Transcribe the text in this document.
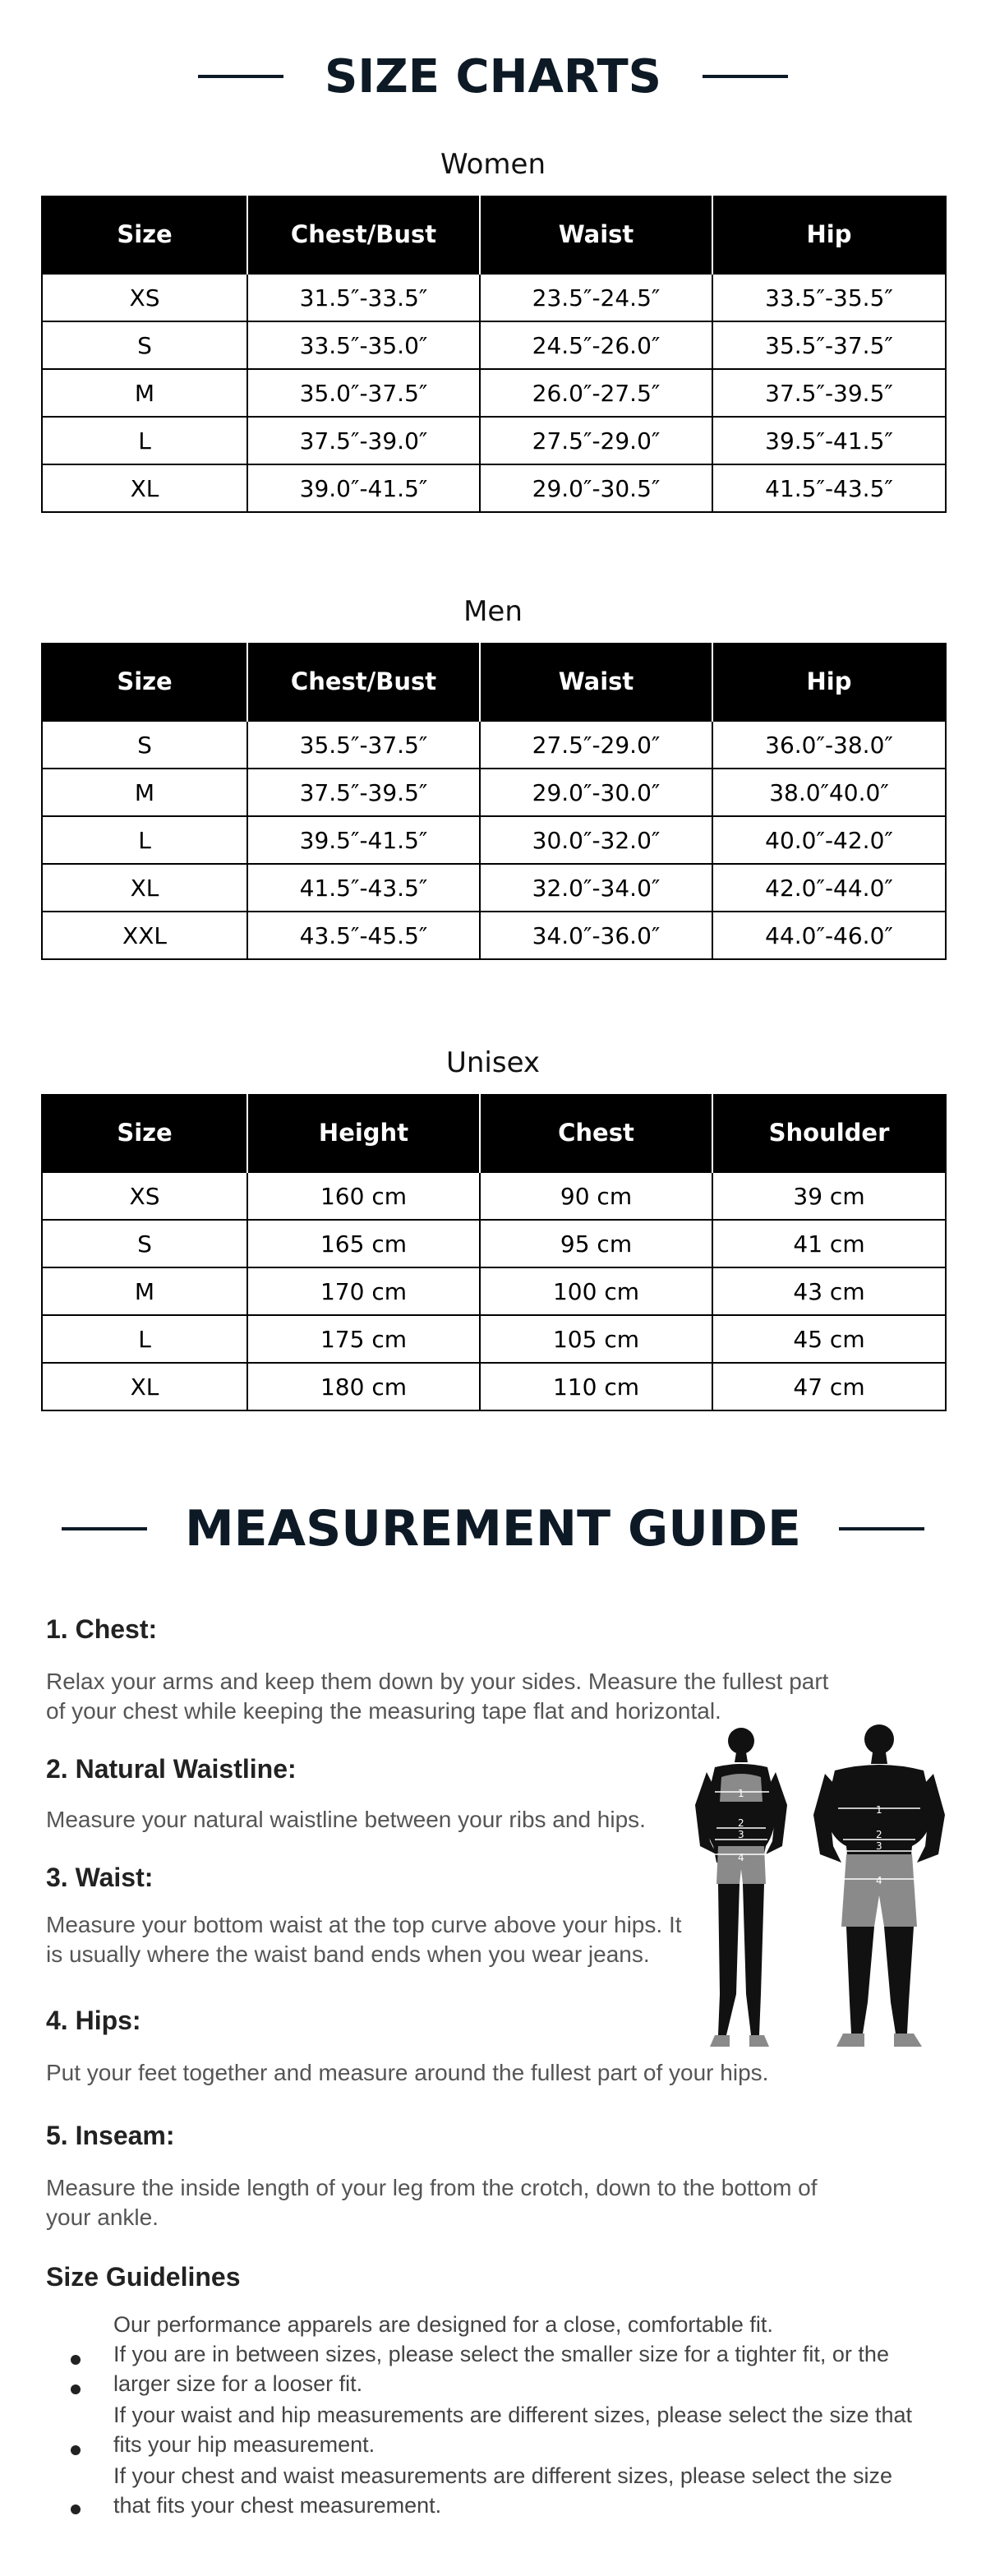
SIZE CHARTS
Women
Size	Chest/Bust	Waist	Hip
XS	31.5″-33.5″	23.5″-24.5″	33.5″-35.5″
S	33.5″-35.0″	24.5″-26.0″	35.5″-37.5″
M	35.0″-37.5″	26.0″-27.5″	37.5″-39.5″
L	37.5″-39.0″	27.5″-29.0″	39.5″-41.5″
XL	39.0″-41.5″	29.0″-30.5″	41.5″-43.5″
Men
Size	Chest/Bust	Waist	Hip
S	35.5″-37.5″	27.5″-29.0″	36.0″-38.0″
M	37.5″-39.5″	29.0″-30.0″	38.0″40.0″
L	39.5″-41.5″	30.0″-32.0″	40.0″-42.0″
XL	41.5″-43.5″	32.0″-34.0″	42.0″-44.0″
XXL	43.5″-45.5″	34.0″-36.0″	44.0″-46.0″
Unisex
Size	Height	Chest	Shoulder
XS	160 cm	90 cm	39 cm
S	165 cm	95 cm	41 cm
M	170 cm	100 cm	43 cm
L	175 cm	105 cm	45 cm
XL	180 cm	110 cm	47 cm
MEASUREMENT GUIDE
1. Chest:

Relax your arms and keep them down by your sides. Measure the fullest part of your chest while keeping the measuring tape flat and horizontal.

2. Natural Waistline:

Measure your natural waistline between your ribs and hips.

3. Waist:

Measure your bottom waist at the top curve above your hips. It is usually where the waist band ends when you wear jeans.

4. Hips:

Put your feet together and measure around the fullest part of your hips.

5. Inseam:

Measure the inside length of your leg from the crotch, down to the bottom of your ankle.

1
2
3
4
1
2
3
4
Size Guidelines

Our performance apparels are designed for a close, comfortable fit.

If you are in between sizes, please select the smaller size for a tighter fit, or the larger size for a looser fit.

If your waist and hip measurements are different sizes, please select the size that fits your hip measurement.

If your chest and waist measurements are different sizes, please select the size that fits your chest measurement.
